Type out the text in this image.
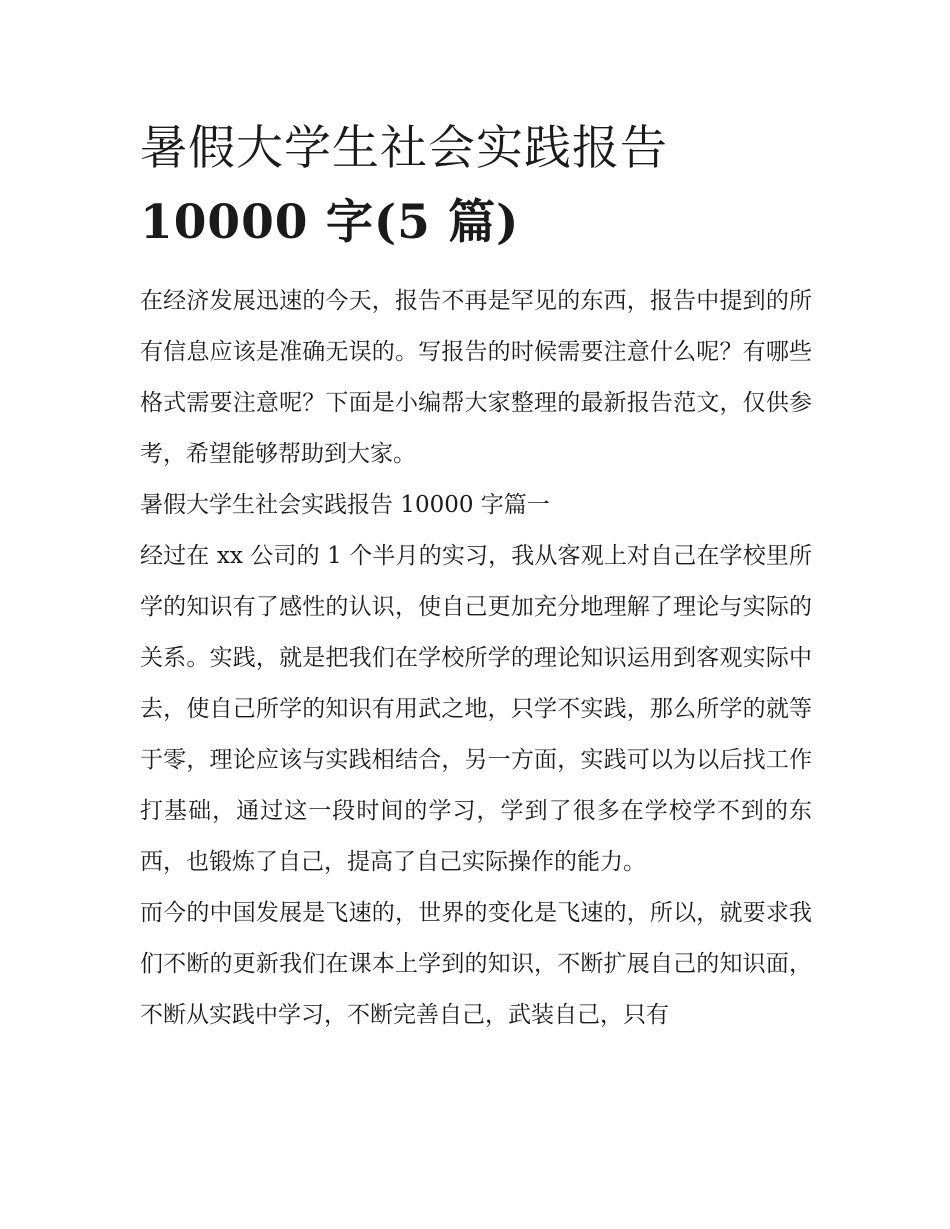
暑假大学生社会实践报告
10000 字(5 篇)

在经济发展迅速的今天，报告不再是罕见的东西，报告中提到的所有信息应该是准确无误的。写报告的时候需要注意什么呢？有哪些格式需要注意呢？下面是小编帮大家整理的最新报告范文，仅供参考，希望能够帮助到大家。

暑假大学生社会实践报告 10000 字篇一

经过在 xx 公司的 1 个半月的实习，我从客观上对自己在学校里所学的知识有了感性的认识，使自己更加充分地理解了理论与实际的关系。实践，就是把我们在学校所学的理论知识运用到客观实际中去，使自己所学的知识有用武之地，只学不实践，那么所学的就等于零，理论应该与实践相结合，另一方面，实践可以为以后找工作打基础，通过这一段时间的学习，学到了很多在学校学不到的东西，也锻炼了自己，提高了自己实际操作的能力。

而今的中国发展是飞速的，世界的变化是飞速的，所以，就要求我们不断的更新我们在课本上学到的知识，不断扩展自己的知识面，不断从实践中学习，不断完善自己，武装自己，只有
